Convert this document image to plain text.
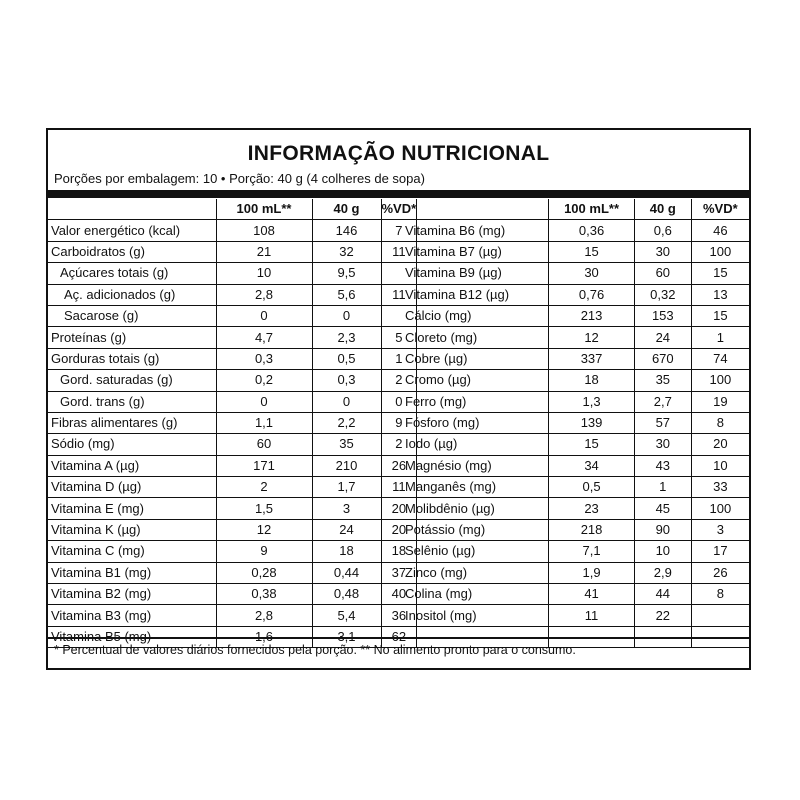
INFORMAÇÃO NUTRICIONAL
Porções por embalagem: 10 • Porção: 40 g (4 colheres de sopa)
	100 mL**	40 g	%VD*
Valor energético (kcal)	108	146	7
Carboidratos (g)	21	32	11
Açúcares totais (g)	10	9,5	
Aç. adicionados (g)	2,8	5,6	11
Sacarose (g)	0	0	
Proteínas (g)	4,7	2,3	5
Gorduras totais (g)	0,3	0,5	1
Gord. saturadas (g)	0,2	0,3	2
Gord. trans (g)	0	0	0
Fibras alimentares (g)	1,1	2,2	9
Sódio (mg)	60	35	2
Vitamina A (µg)	171	210	26
Vitamina D (µg)	2	1,7	11
Vitamina E (mg)	1,5	3	20
Vitamina K (µg)	12	24	20
Vitamina C (mg)	9	18	18
Vitamina B1 (mg)	0,28	0,44	37
Vitamina B2 (mg)	0,38	0,48	40
Vitamina B3 (mg)	2,8	5,4	36
Vitamina B5 (mg)	1,6	3,1	62
	100 mL**	40 g	%VD*
Vitamina B6 (mg)	0,36	0,6	46
Vitamina B7 (µg)	15	30	100
Vitamina B9 (µg)	30	60	15
Vitamina B12 (µg)	0,76	0,32	13
Cálcio (mg)	213	153	15
Cloreto (mg)	12	24	1
Cobre (µg)	337	670	74
Cromo (µg)	18	35	100
Ferro (mg)	1,3	2,7	19
Fósforo (mg)	139	57	8
Iodo (µg)	15	30	20
Magnésio (mg)	34	43	10
Manganês (mg)	0,5	1	33
Molibdênio (µg)	23	45	100
Potássio (mg)	218	90	3
Selênio (µg)	7,1	10	17
Zinco (mg)	1,9	2,9	26
Colina (mg)	41	44	8
Inositol (mg)	11	22	

* Percentual de valores diários fornecidos pela porção. ** No alimento pronto para o consumo.
